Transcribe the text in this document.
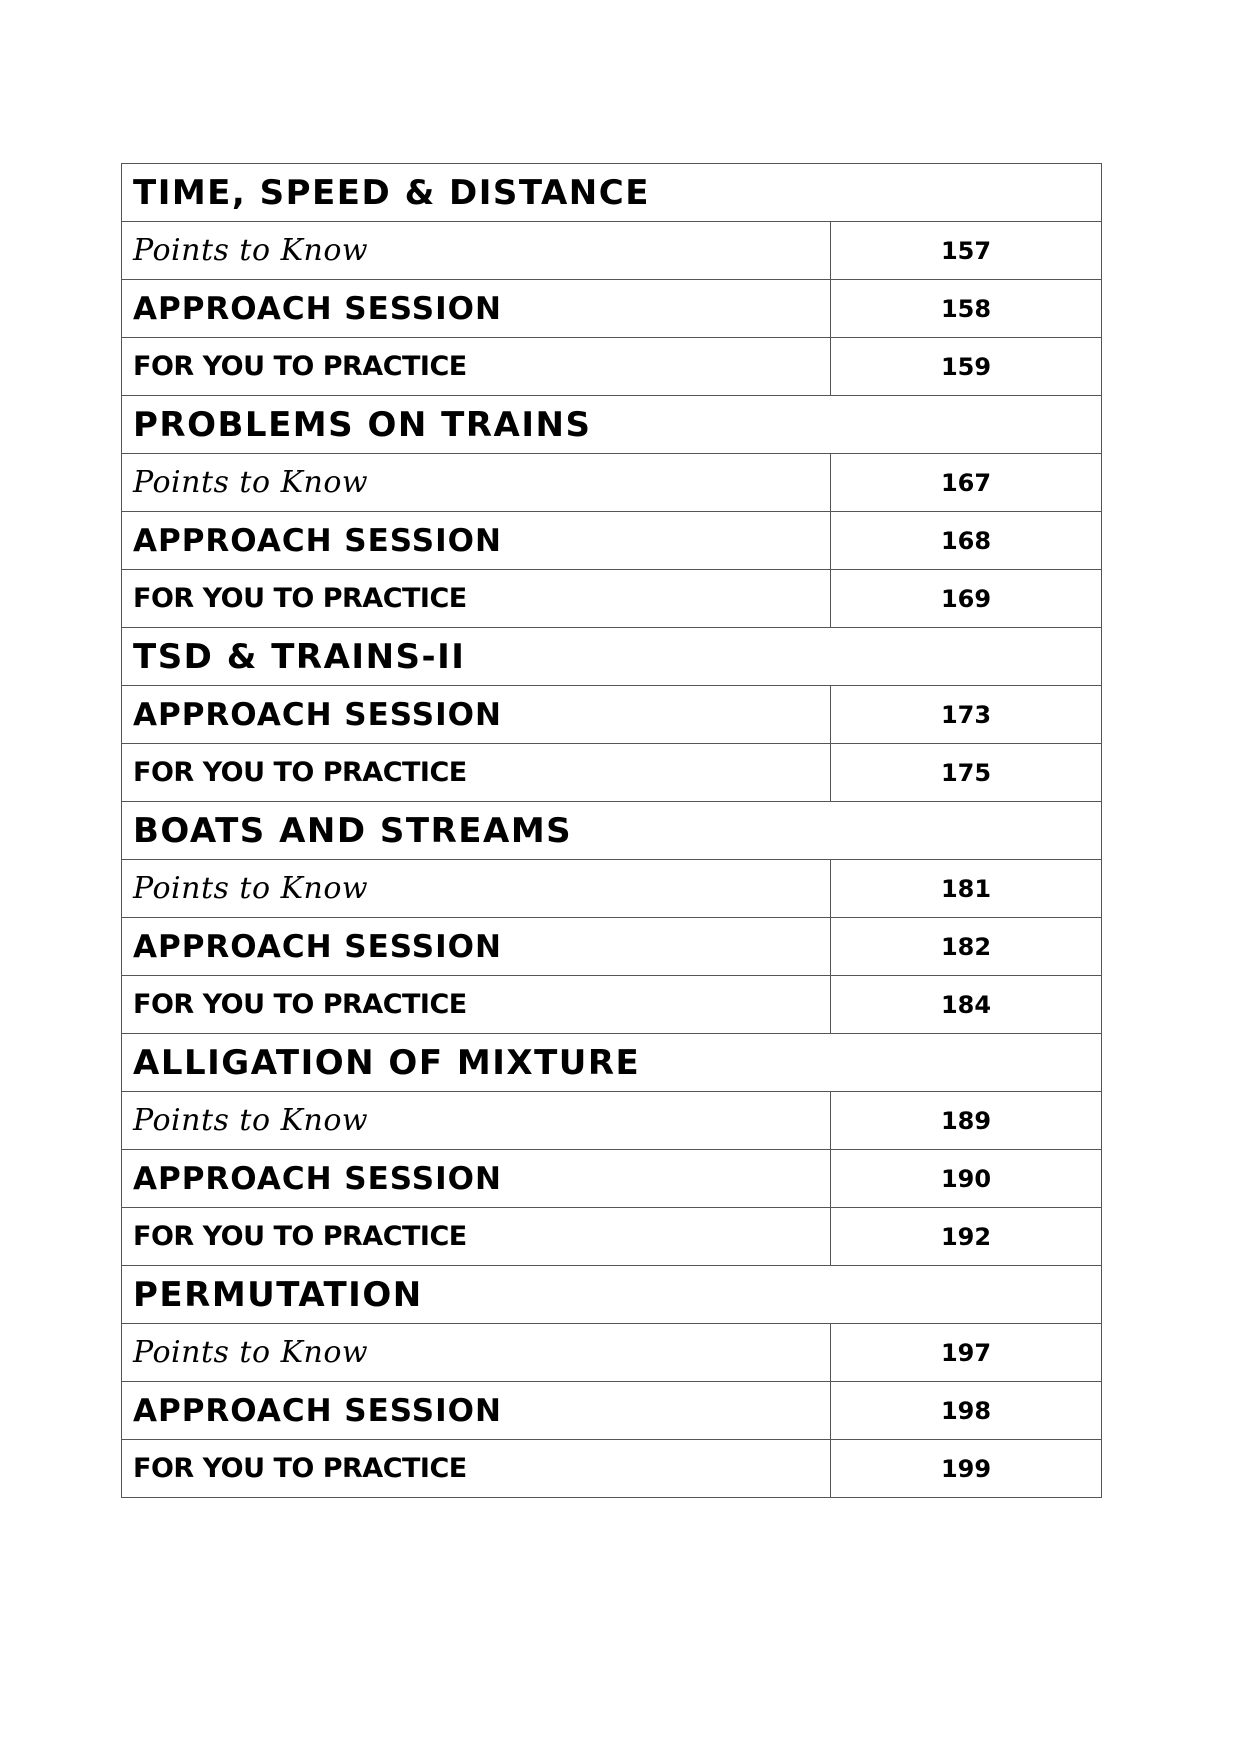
TIME, SPEED & DISTANCE	
Points to Know	157
APPROACH SESSION	158
FOR YOU TO PRACTICE	159
PROBLEMS ON TRAINS	
Points to Know	167
APPROACH SESSION	168
FOR YOU TO PRACTICE	169
TSD & TRAINS-II	
APPROACH SESSION	173
FOR YOU TO PRACTICE	175
BOATS AND STREAMS	
Points to Know	181
APPROACH SESSION	182
FOR YOU TO PRACTICE	184
ALLIGATION OF MIXTURE	
Points to Know	189
APPROACH SESSION	190
FOR YOU TO PRACTICE	192
PERMUTATION	
Points to Know	197
APPROACH SESSION	198
FOR YOU TO PRACTICE	199
